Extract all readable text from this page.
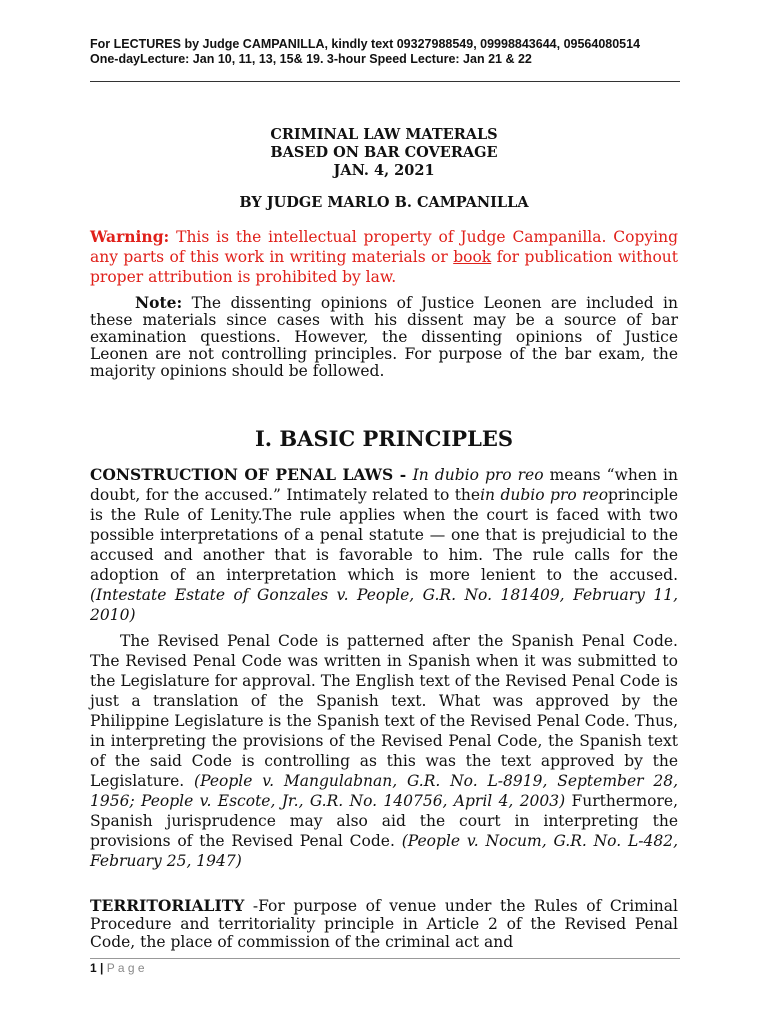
For LECTURES by Judge CAMPANILLA, kindly text 09327988549, 09998843644, 09564080514
One-dayLecture: Jan 10, 11, 13, 15& 19. 3-hour Speed Lecture: Jan 21 & 22
CRIMINAL LAW MATERALS
BASED ON BAR COVERAGE
JAN. 4, 2021
BY JUDGE MARLO B. CAMPANILLA
Warning: This is the intellectual property of Judge Campanilla. Copying any parts of this work in writing materials or book for publication without proper attribution is prohibited by law.
Note: The dissenting opinions of Justice Leonen are included in these materials since cases with his dissent may be a source of bar examination questions. However, the dissenting opinions of Justice Leonen are not controlling principles. For purpose of the bar exam, the majority opinions should be followed.
I. BASIC PRINCIPLES
CONSTRUCTION OF PENAL LAWS - In dubio pro reo means “when in doubt, for the accused.” Intimately related to thein dubio pro reoprinciple is the Rule of Lenity.The rule applies when the court is faced with two possible interpretations of a penal statute — one that is prejudicial to the accused and another that is favorable to him. The rule calls for the adoption of an interpretation which is more lenient to the accused. (Intestate Estate of Gonzales v. People, G.R. No. 181409, February 11, 2010)
The Revised Penal Code is patterned after the Spanish Penal Code. The Revised Penal Code was written in Spanish when it was submitted to the Legislature for approval. The English text of the Revised Penal Code is just a translation of the Spanish text. What was approved by the Philippine Legislature is the Spanish text of the Revised Penal Code. Thus, in interpreting the provisions of the Revised Penal Code, the Spanish text of the said Code is controlling as this was the text approved by the Legislature. (People v. Mangulabnan, G.R. No. L-8919, September 28, 1956; People v. Escote, Jr., G.R. No. 140756, April 4, 2003) Furthermore, Spanish jurisprudence may also aid the court in interpreting the provisions of the Revised Penal Code. (People v. Nocum, G.R. No. L-482, February 25, 1947)
TERRITORIALITY -For purpose of venue under the Rules of Criminal Procedure and territoriality principle in Article 2 of the Revised Penal Code, the place of commission of the criminal act and
1 | P a g e
